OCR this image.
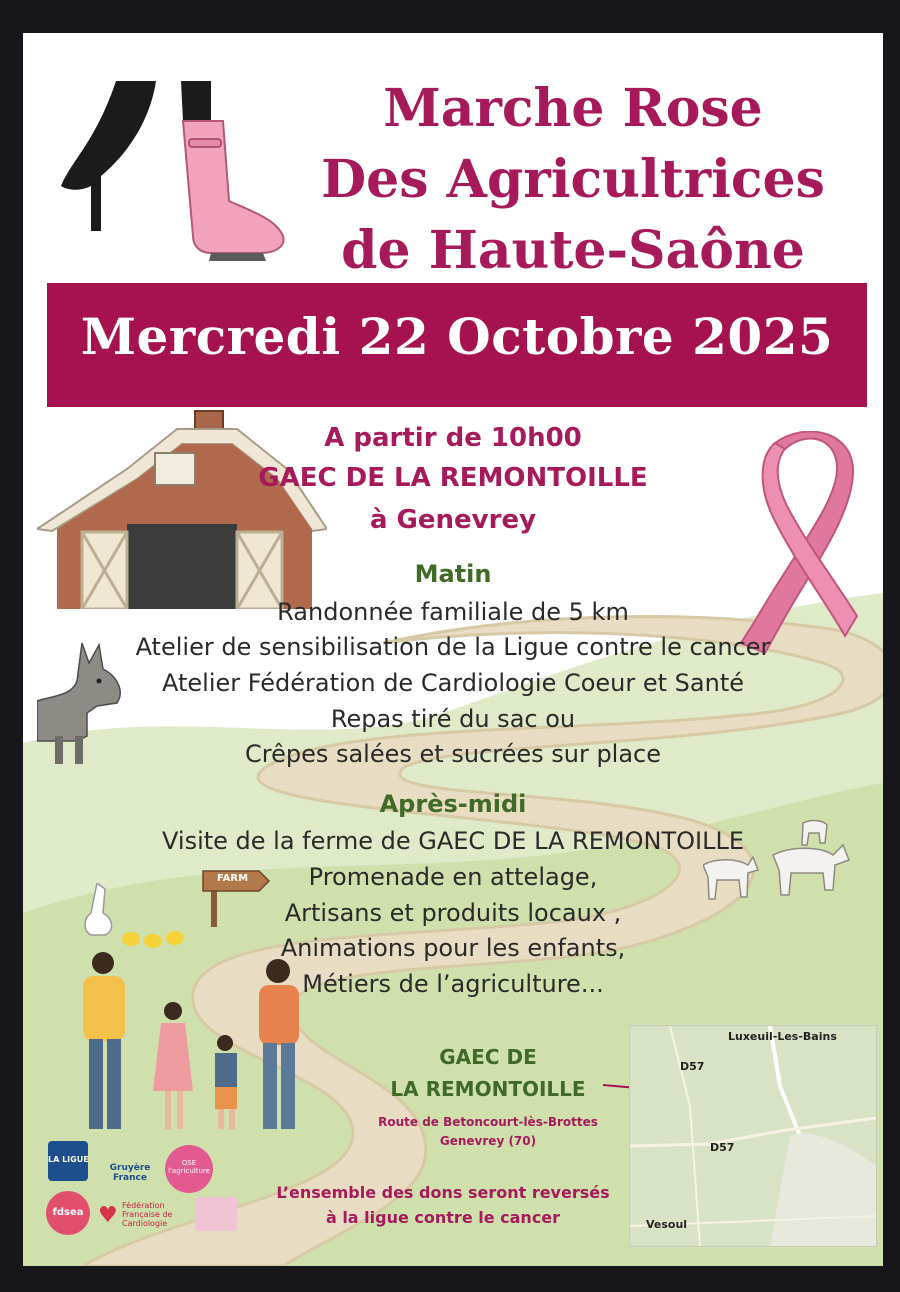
Marche Rose
Des Agricultrices
de Haute-Saône
Mercredi 22 Octobre 2025
A partir de 10h00
GAEC DE LA REMONTOILLE
à Genevrey
Matin
Randonnée familiale de 5 km
Atelier de sensibilisation de la Ligue contre le cancer
Atelier Fédération de Cardiologie Coeur et Santé
Repas tiré du sac ou
Crêpes salées et sucrées sur place
Après-midi
Visite de la ferme de GAEC DE LA REMONTOILLE
Promenade en attelage,
Artisans et produits locaux ,
Animations pour les enfants,
Métiers de l’agriculture...
FARM
GAEC DE
LA REMONTOILLE
Route de Betoncourt-lès-Brottes
Genevrey (70)
Luxeuil-Les-Bains
D57
D57
Vesoul
LA LIGUE
Gruyère France
OSE l'agriculture
fdsea ♥ Fédération Française de Cardiologie
L’ensemble des dons seront reversés
à la ligue contre le cancer
